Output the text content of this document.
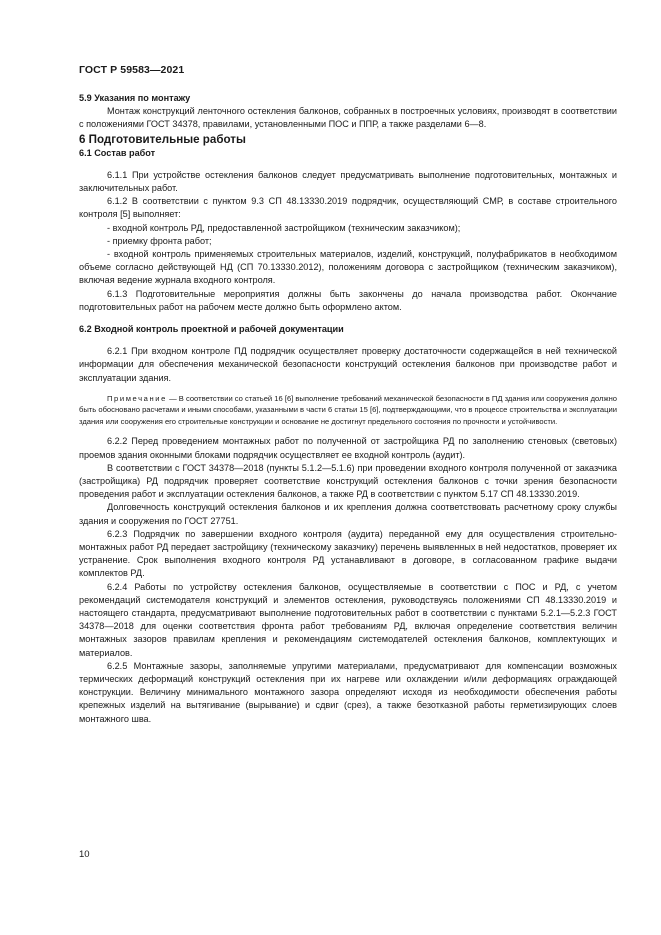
ГОСТ Р 59583—2021

5.9 Указания по монтажу

Монтаж конструкций ленточного остекления балконов, собранных в построечных условиях, производят в соответствии с положениями ГОСТ 34378, правилами, установленными ПОС и ППР, а также разделами 6—8.

6 Подготовительные работы

6.1 Состав работ

6.1.1 При устройстве остекления балконов следует предусматривать выполнение подготовительных, монтажных и заключительных работ.

6.1.2 В соответствии с пунктом 9.3 СП 48.13330.2019 подрядчик, осуществляющий СМР, в составе строительного контроля [5] выполняет:

- входной контроль РД, предоставленной застройщиком (техническим заказчиком);

- приемку фронта работ;

- входной контроль применяемых строительных материалов, изделий, конструкций, полуфабрикатов в необходимом объеме согласно действующей НД (СП 70.13330.2012), положениям договора с застройщиком (техническим заказчиком), включая ведение журнала входного контроля.

6.1.3 Подготовительные мероприятия должны быть закончены до начала производства работ. Окончание подготовительных работ на рабочем месте должно быть оформлено актом.

6.2 Входной контроль проектной и рабочей документации

6.2.1 При входном контроле ПД подрядчик осуществляет проверку достаточности содержащейся в ней технической информации для обеспечения механической безопасности конструкций остекления балконов при производстве работ и эксплуатации здания.

Примечание — В соответствии со статьей 16 [6] выполнение требований механической безопасности в ПД здания или сооружения должно быть обосновано расчетами и иными способами, указанными в части 6 статьи 15 [6], подтверждающими, что в процессе строительства и эксплуатации здания или сооружения его строительные конструкции и основание не достигнут предельного состояния по прочности и устойчивости.

6.2.2 Перед проведением монтажных работ по полученной от застройщика РД по заполнению стеновых (световых) проемов здания оконными блоками подрядчик осуществляет ее входной контроль (аудит).

В соответствии с ГОСТ 34378—2018 (пункты 5.1.2—5.1.6) при проведении входного контроля полученной от заказчика (застройщика) РД подрядчик проверяет соответствие конструкций остекления балконов с точки зрения безопасности проведения работ и эксплуатации остекления балконов, а также РД в соответствии с пунктом 5.17 СП 48.13330.2019.

Долговечность конструкций остекления балконов и их крепления должна соответствовать расчетному сроку службы здания и сооружения по ГОСТ 27751.

6.2.3 Подрядчик по завершении входного контроля (аудита) переданной ему для осуществления строительно-монтажных работ РД передает застройщику (техническому заказчику) перечень выявленных в ней недостатков, проверяет их устранение. Срок выполнения входного контроля РД устанавливают в договоре, в согласованном графике выдачи комплектов РД.

6.2.4 Работы по устройству остекления балконов, осуществляемые в соответствии с ПОС и РД, с учетом рекомендаций системодателя конструкций и элементов остекления, руководствуясь положениями СП 48.13330.2019 и настоящего стандарта, предусматривают выполнение подготовительных работ в соответствии с пунктами 5.2.1—5.2.3 ГОСТ 34378—2018 для оценки соответствия фронта работ требованиям РД, включая определение соответствия величин монтажных зазоров правилам крепления и рекомендациям системодателей остекления балконов, комплектующих и материалов.

6.2.5 Монтажные зазоры, заполняемые упругими материалами, предусматривают для компенсации возможных термических деформаций конструкций остекления при их нагреве или охлаждении и/или деформациях ограждающей конструкции. Величину минимального монтажного зазора определяют исходя из необходимости обеспечения работы крепежных изделий на вытягивание (вырывание) и сдвиг (срез), а также безотказной работы герметизирующих слоев монтажного шва.

10
